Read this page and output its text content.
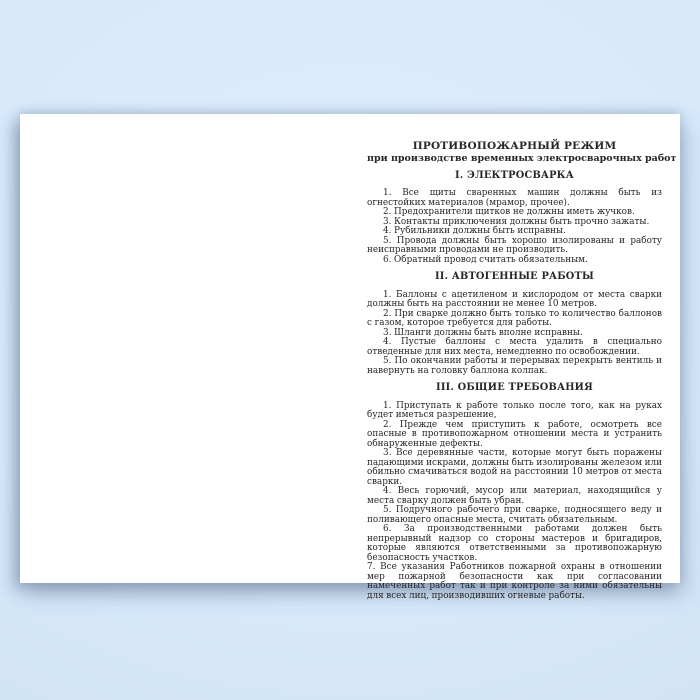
ПРОТИВОПОЖАРНЫЙ РЕЖИМ
при производстве временных электросварочных работ
I. ЭЛЕКТРОСВАРКА

1. Все щиты сваренных машин должны быть из огнестойких материалов (мрамор, прочее).

2. Предохранители щитков не должны иметь жучков.

3. Контакты приключения должны быть прочно зажаты.

4. Рубильники должны быть исправны.

5. Провода должны быть хорошо изолированы и работу неисправными проводами не производить.

6. Обратный провод считать обязательным.

II. АВТОГЕННЫЕ РАБОТЫ

1. Баллоны с ацетиленом и кислородом от места сварки должны быть на расстоянии не менее 10 метров.

2. При сварке должно быть только то количество баллонов с газом, которое требуется для работы.

3. Шланги должны быть вполне исправны.

4. Пустые баллоны с места удалить в специально отведенные для них места, немедленно по освобождении.

5. По окончании работы и перерывах перекрыть вентиль и навернуть на головку баллона колпак.

III. ОБЩИЕ ТРЕБОВАНИЯ

1. Приступать к работе только после того, как на руках будет иметься разрешение,

2. Прежде чем приступить к работе, осмотреть все опасные в противопожарном отношении места и устранить обнаруженные дефекты.

3. Все деревянные части, которые могут быть поражены падающими искрами, должны быть изолированы железом или обильно смачиваться водой на расстоянии 10 метров от места сварки.

4. Весь горючий, мусор или материал, находящийся у места сварку должен быть убран.

5. Подручного рабочего при сварке, подносящего веду и поливающего опасные места, считать обязательным.

6. За производственными работами должен быть непрерывный надзор со стороны мастеров и бригадиров, которые являются ответственными за противопожарную безопасность участков.

7. Все указания Работников пожарной охраны в отношении мер пожарной безопасности как при согласовании намеченных работ так и при контроле за ними обязательны для всех лиц, производивших огневые работы.
